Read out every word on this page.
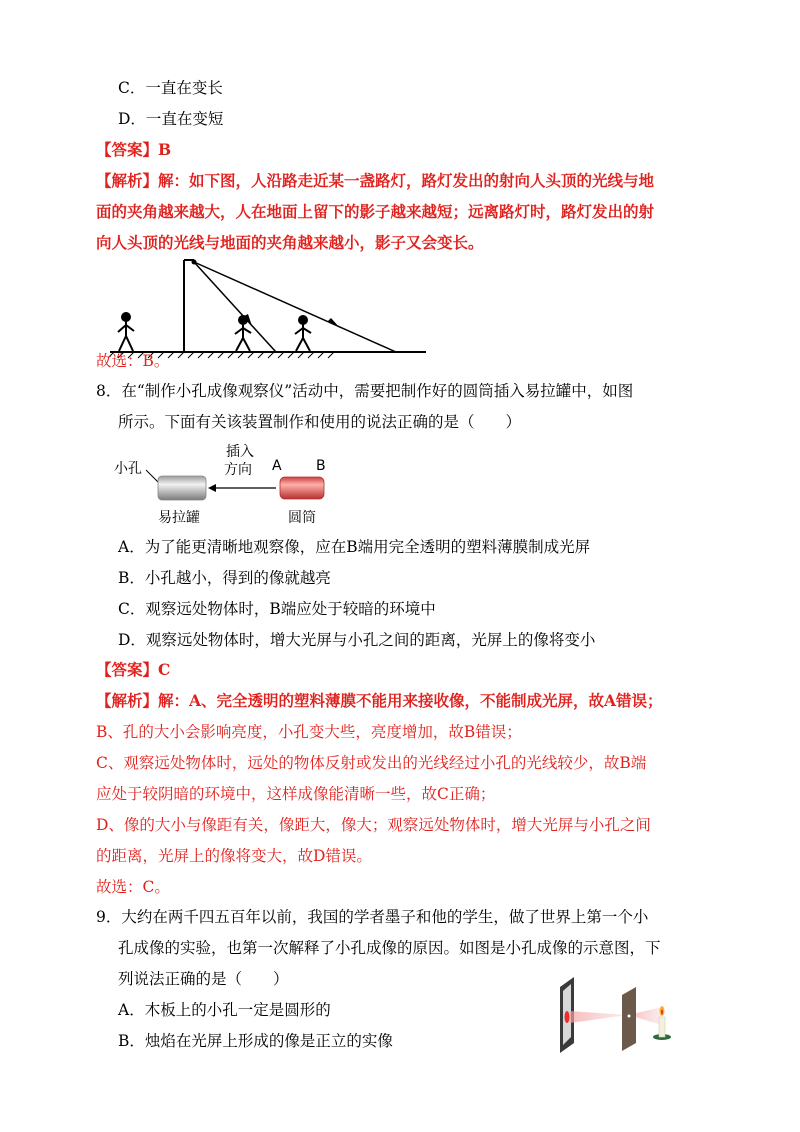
C．一直在变长
D．一直在变短
【答案】B
【解析】解：如下图，人沿路走近某一盏路灯，路灯发出的射向人头顶的光线与地
面的夹角越来越大，人在地面上留下的影子越来越短；远离路灯时，路灯发出的射
向人头顶的光线与地面的夹角越来越小，影子又会变长。
故选：B。
8．在“制作小孔成像观察仪”活动中，需要把制作好的圆筒插入易拉罐中，如图
所示。下面有关该装置制作和使用的说法正确的是（　　）
小孔
易拉罐
插入
方向 A B
圆筒
A．为了能更清晰地观察像，应在B端用完全透明的塑料薄膜制成光屏
B．小孔越小，得到的像就越亮
C．观察远处物体时，B端应处于较暗的环境中
D．观察远处物体时，增大光屏与小孔之间的距离，光屏上的像将变小
【答案】C
【解析】解：A、完全透明的塑料薄膜不能用来接收像，不能制成光屏，故A错误；
B、孔的大小会影响亮度，小孔变大些，亮度增加，故B错误；
C、观察远处物体时，远处的物体反射或发出的光线经过小孔的光线较少，故B端
应处于较阴暗的环境中，这样成像能清晰一些，故C正确；
D、像的大小与像距有关，像距大，像大；观察远处物体时，增大光屏与小孔之间
的距离，光屏上的像将变大，故D错误。
故选：C。
9．大约在两千四五百年以前，我国的学者墨子和他的学生，做了世界上第一个小
孔成像的实验，也第一次解释了小孔成像的原因。如图是小孔成像的示意图，下
列说法正确的是（　　）
A．木板上的小孔一定是圆形的
B．烛焰在光屏上形成的像是正立的实像
